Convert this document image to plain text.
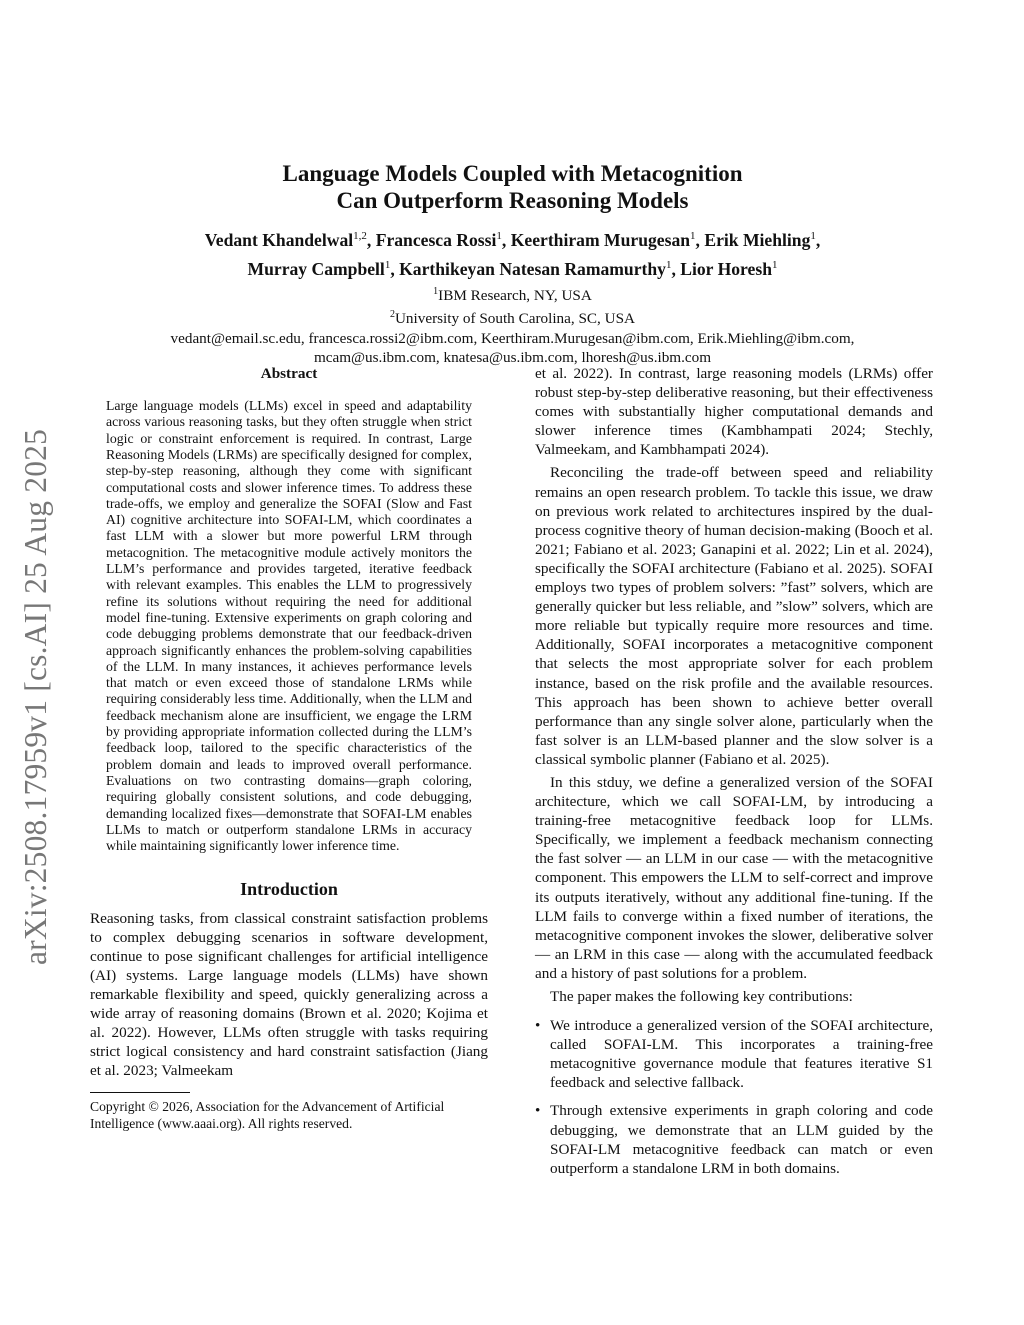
arXiv:2508.17959v1 [cs.AI] 25 Aug 2025
Language Models Coupled with Metacognition
Can Outperform Reasoning Models
Vedant Khandelwal$^{1,2}$, Francesca Rossi$^1$, Keerthiram Murugesan$^1$, Erik Miehling$^1$,
Murray Campbell$^1$, Karthikeyan Natesan Ramamurthy$^1$, Lior Horesh$^1$
$^1$IBM Research, NY, USA
$^2$University of South Carolina, SC, USA
vedant@email.sc.edu, francesca.rossi2@ibm.com, Keerthiram.Murugesan@ibm.com, Erik.Miehling@ibm.com,
mcam@us.ibm.com, knatesa@us.ibm.com, lhoresh@us.ibm.com
Abstract

Large language models (LLMs) excel in speed and adaptability across various reasoning tasks, but they often struggle when strict logic or constraint enforcement is required. In contrast, Large Reasoning Models (LRMs) are specifically designed for complex, step-by-step reasoning, although they come with significant computational costs and slower inference times. To address these trade-offs, we employ and generalize the SOFAI (Slow and Fast AI) cognitive architecture into SOFAI-LM, which coordinates a fast LLM with a slower but more powerful LRM through metacognition. The metacognitive module actively monitors the LLM’s performance and provides targeted, iterative feedback with relevant examples. This enables the LLM to progressively refine its solutions without requiring the need for additional model fine-tuning. Extensive experiments on graph coloring and code debugging problems demonstrate that our feedback-driven approach significantly enhances the problem-solving capabilities of the LLM. In many instances, it achieves performance levels that match or even exceed those of standalone LRMs while requiring considerably less time. Additionally, when the LLM and feedback mechanism alone are insufficient, we engage the LRM by providing appropriate information collected during the LLM’s feedback loop, tailored to the specific characteristics of the problem domain and leads to improved overall performance. Evaluations on two contrasting domains—graph coloring, requiring globally consistent solutions, and code debugging, demanding localized fixes—demonstrate that SOFAI-LM enables LLMs to match or outperform standalone LRMs in accuracy while maintaining significantly lower inference time.

Introduction

Reasoning tasks, from classical constraint satisfaction problems to complex debugging scenarios in software development, continue to pose significant challenges for artificial intelligence (AI) systems. Large language models (LLMs) have shown remarkable flexibility and speed, quickly generalizing across a wide array of reasoning domains (Brown et al. 2020; Kojima et al. 2022). However, LLMs often struggle with tasks requiring strict logical consistency and hard constraint satisfaction (Jiang et al. 2023; Valmeekam

Copyright © 2026, Association for the Advancement of Artificial Intelligence (www.aaai.org). All rights reserved.

et al. 2022). In contrast, large reasoning models (LRMs) offer robust step-by-step deliberative reasoning, but their effectiveness comes with substantially higher computational demands and slower inference times (Kambhampati 2024; Stechly, Valmeekam, and Kambhampati 2024).

Reconciling the trade-off between speed and reliability remains an open research problem. To tackle this issue, we draw on previous work related to architectures inspired by the dual-process cognitive theory of human decision-making (Booch et al. 2021; Fabiano et al. 2023; Ganapini et al. 2022; Lin et al. 2024), specifically the SOFAI architecture (Fabiano et al. 2025). SOFAI employs two types of problem solvers: ”fast” solvers, which are generally quicker but less reliable, and ”slow” solvers, which are more reliable but typically require more resources and time. Additionally, SOFAI incorporates a metacognitive component that selects the most appropriate solver for each problem instance, based on the risk profile and the available resources. This approach has been shown to achieve better overall performance than any single solver alone, particularly when the fast solver is an LLM-based planner and the slow solver is a classical symbolic planner (Fabiano et al. 2025).

In this stduy, we define a generalized version of the SOFAI architecture, which we call SOFAI-LM, by introducing a training-free metacognitive feedback loop for LLMs. Specifically, we implement a feedback mechanism connecting the fast solver — an LLM in our case — with the metacognitive component. This empowers the LLM to self-correct and improve its outputs iteratively, without any additional fine-tuning. If the LLM fails to converge within a fixed number of iterations, the metacognitive component invokes the slower, deliberative solver — an LRM in this case — along with the accumulated feedback and a history of past solutions for a problem.

The paper makes the following key contributions:

• We introduce a generalized version of the SOFAI architecture, called SOFAI-LM. This incorporates a training-free metacognitive governance module that features iterative S1 feedback and selective fallback.
• Through extensive experiments in graph coloring and code debugging, we demonstrate that an LLM guided by the SOFAI-LM metacognitive feedback can match or even outperform a standalone LRM in both domains.
